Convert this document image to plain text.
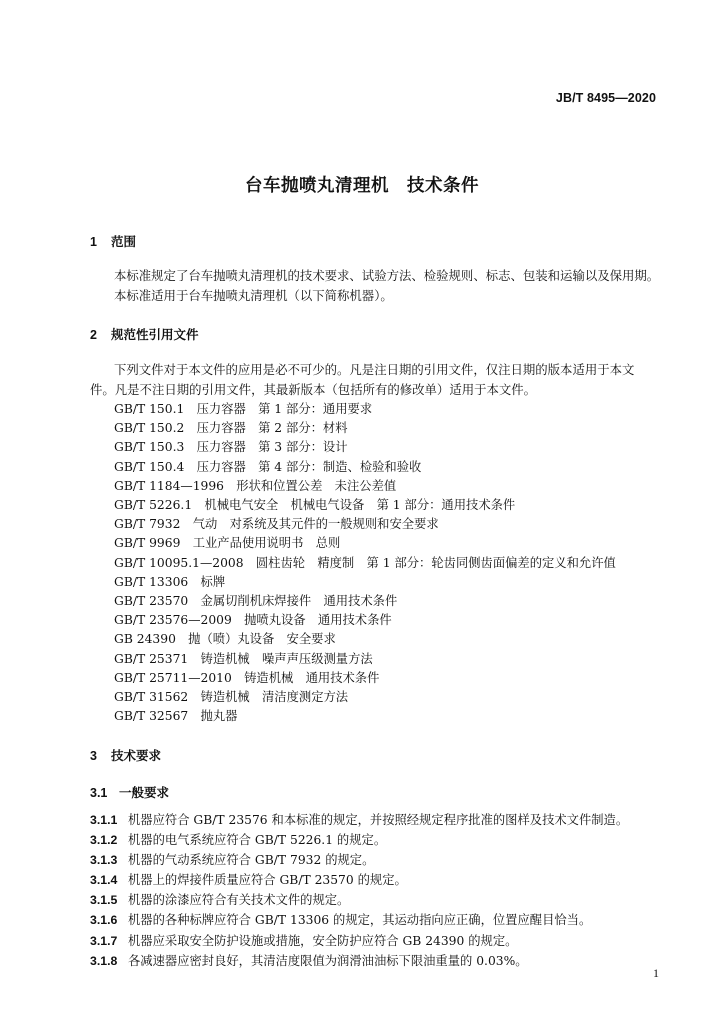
JB/T 8495—2020
台车抛喷丸清理机　技术条件
1 范围
本标准规定了台车抛喷丸清理机的技术要求、试验方法、检验规则、标志、包装和运输以及保用期。
本标准适用于台车抛喷丸清理机（以下简称机器）。
2 规范性引用文件
下列文件对于本文件的应用是必不可少的。凡是注日期的引用文件，仅注日期的版本适用于本文
件。凡是不注日期的引用文件，其最新版本（包括所有的修改单）适用于本文件。
GB/T 150.1　压力容器　第 1 部分：通用要求
GB/T 150.2　压力容器　第 2 部分：材料
GB/T 150.3　压力容器　第 3 部分：设计
GB/T 150.4　压力容器　第 4 部分：制造、检验和验收
GB/T 1184—1996　形状和位置公差　未注公差值
GB/T 5226.1　机械电气安全　机械电气设备　第 1 部分：通用技术条件
GB/T 7932　气动　对系统及其元件的一般规则和安全要求
GB/T 9969　工业产品使用说明书　总则
GB/T 10095.1—2008　圆柱齿轮　精度制　第 1 部分：轮齿同侧齿面偏差的定义和允许值
GB/T 13306　标牌
GB/T 23570　金属切削机床焊接件　通用技术条件
GB/T 23576—2009　抛喷丸设备　通用技术条件
GB 24390　抛（喷）丸设备　安全要求
GB/T 25371　铸造机械　噪声声压级测量方法
GB/T 25711—2010　铸造机械　通用技术条件
GB/T 31562　铸造机械　清洁度测定方法
GB/T 32567　抛丸器
3 技术要求
3.1 一般要求
3.1.1 机器应符合 GB/T 23576 和本标准的规定，并按照经规定程序批准的图样及技术文件制造。
3.1.2 机器的电气系统应符合 GB/T 5226.1 的规定。
3.1.3 机器的气动系统应符合 GB/T 7932 的规定。
3.1.4 机器上的焊接件质量应符合 GB/T 23570 的规定。
3.1.5 机器的涂漆应符合有关技术文件的规定。
3.1.6 机器的各种标牌应符合 GB/T 13306 的规定，其运动指向应正确，位置应醒目恰当。
3.1.7 机器应采取安全防护设施或措施，安全防护应符合 GB 24390 的规定。
3.1.8 各减速器应密封良好，其清洁度限值为润滑油油标下限油重量的 0.03%。
1
